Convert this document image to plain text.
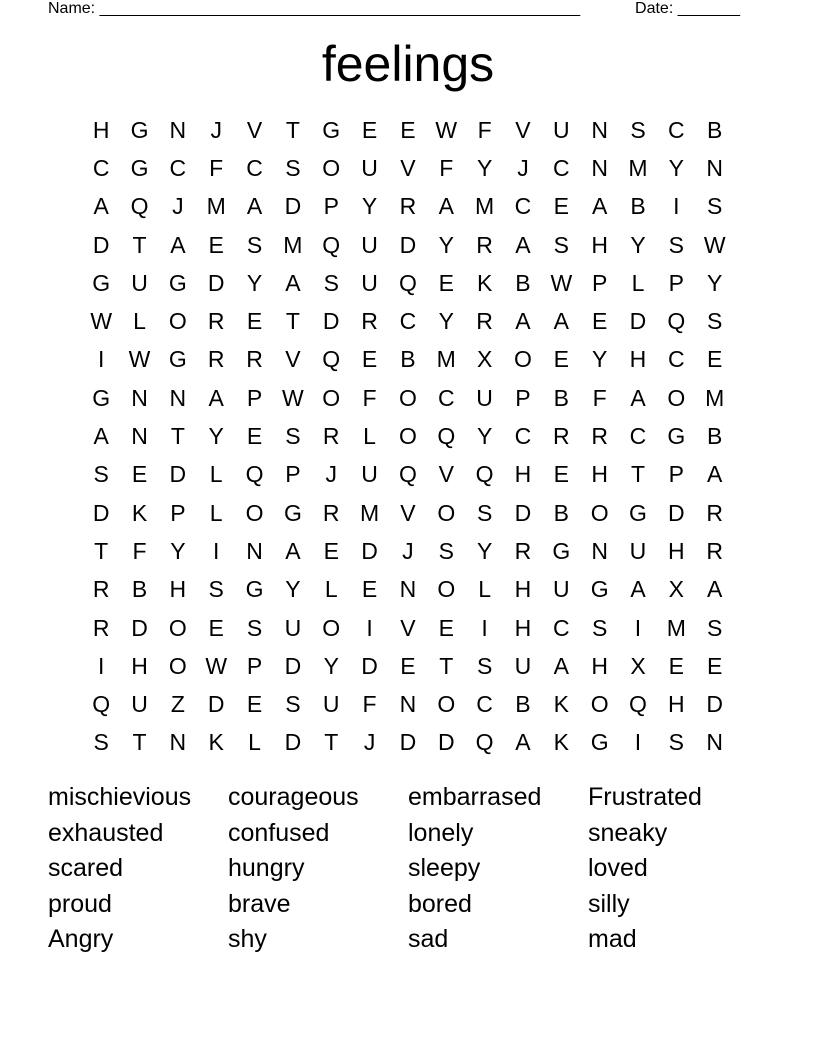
Name: ______________________________________________________	Date: _______
feelings
H G N	J	V	T G E	E W F	V U N S C B
C G C	F	C S O U V	F	Y	J	C N M Y N
A Q	J	M A D P	Y R A M C E	A	B	I	S
D	T	A	E	S M Q U D Y R A	S H Y	S W
G U G D Y	A	S U Q E	K	B W P	L	P	Y
W L	O R E	T	D R C Y R A	A	E D Q S
I	W G R R V Q E	B M X O E	Y H C E
G N N A	P W O F O C U P	B	F	A O M
A N	T	Y	E	S R	L	O Q Y C R R C G B
S	E D	L	Q P	J	U Q V Q H E H	T	P	A
D K	P	L	O G R M V O S D B O G D R
T	F	Y	I	N A	E D	J	S	Y R G N U H R
R B H S G Y	L	E N O	L	H U G A	X	A
R D O E	S U O	I	V	E	I	H C S	I	M S
I	H O W P D Y D E	T	S U A H X	E	E
Q U	Z	D E	S U	F	N O C B	K O Q H D
S	T	N K	L	D	T	J	D D Q A	K G	I	S N
mischievious	courageous	embarrased	Frustrated
exhausted	confused	lonely	sneaky
scared	hungry	sleepy	loved
proud	brave	bored	silly
Angry	shy	sad	mad
